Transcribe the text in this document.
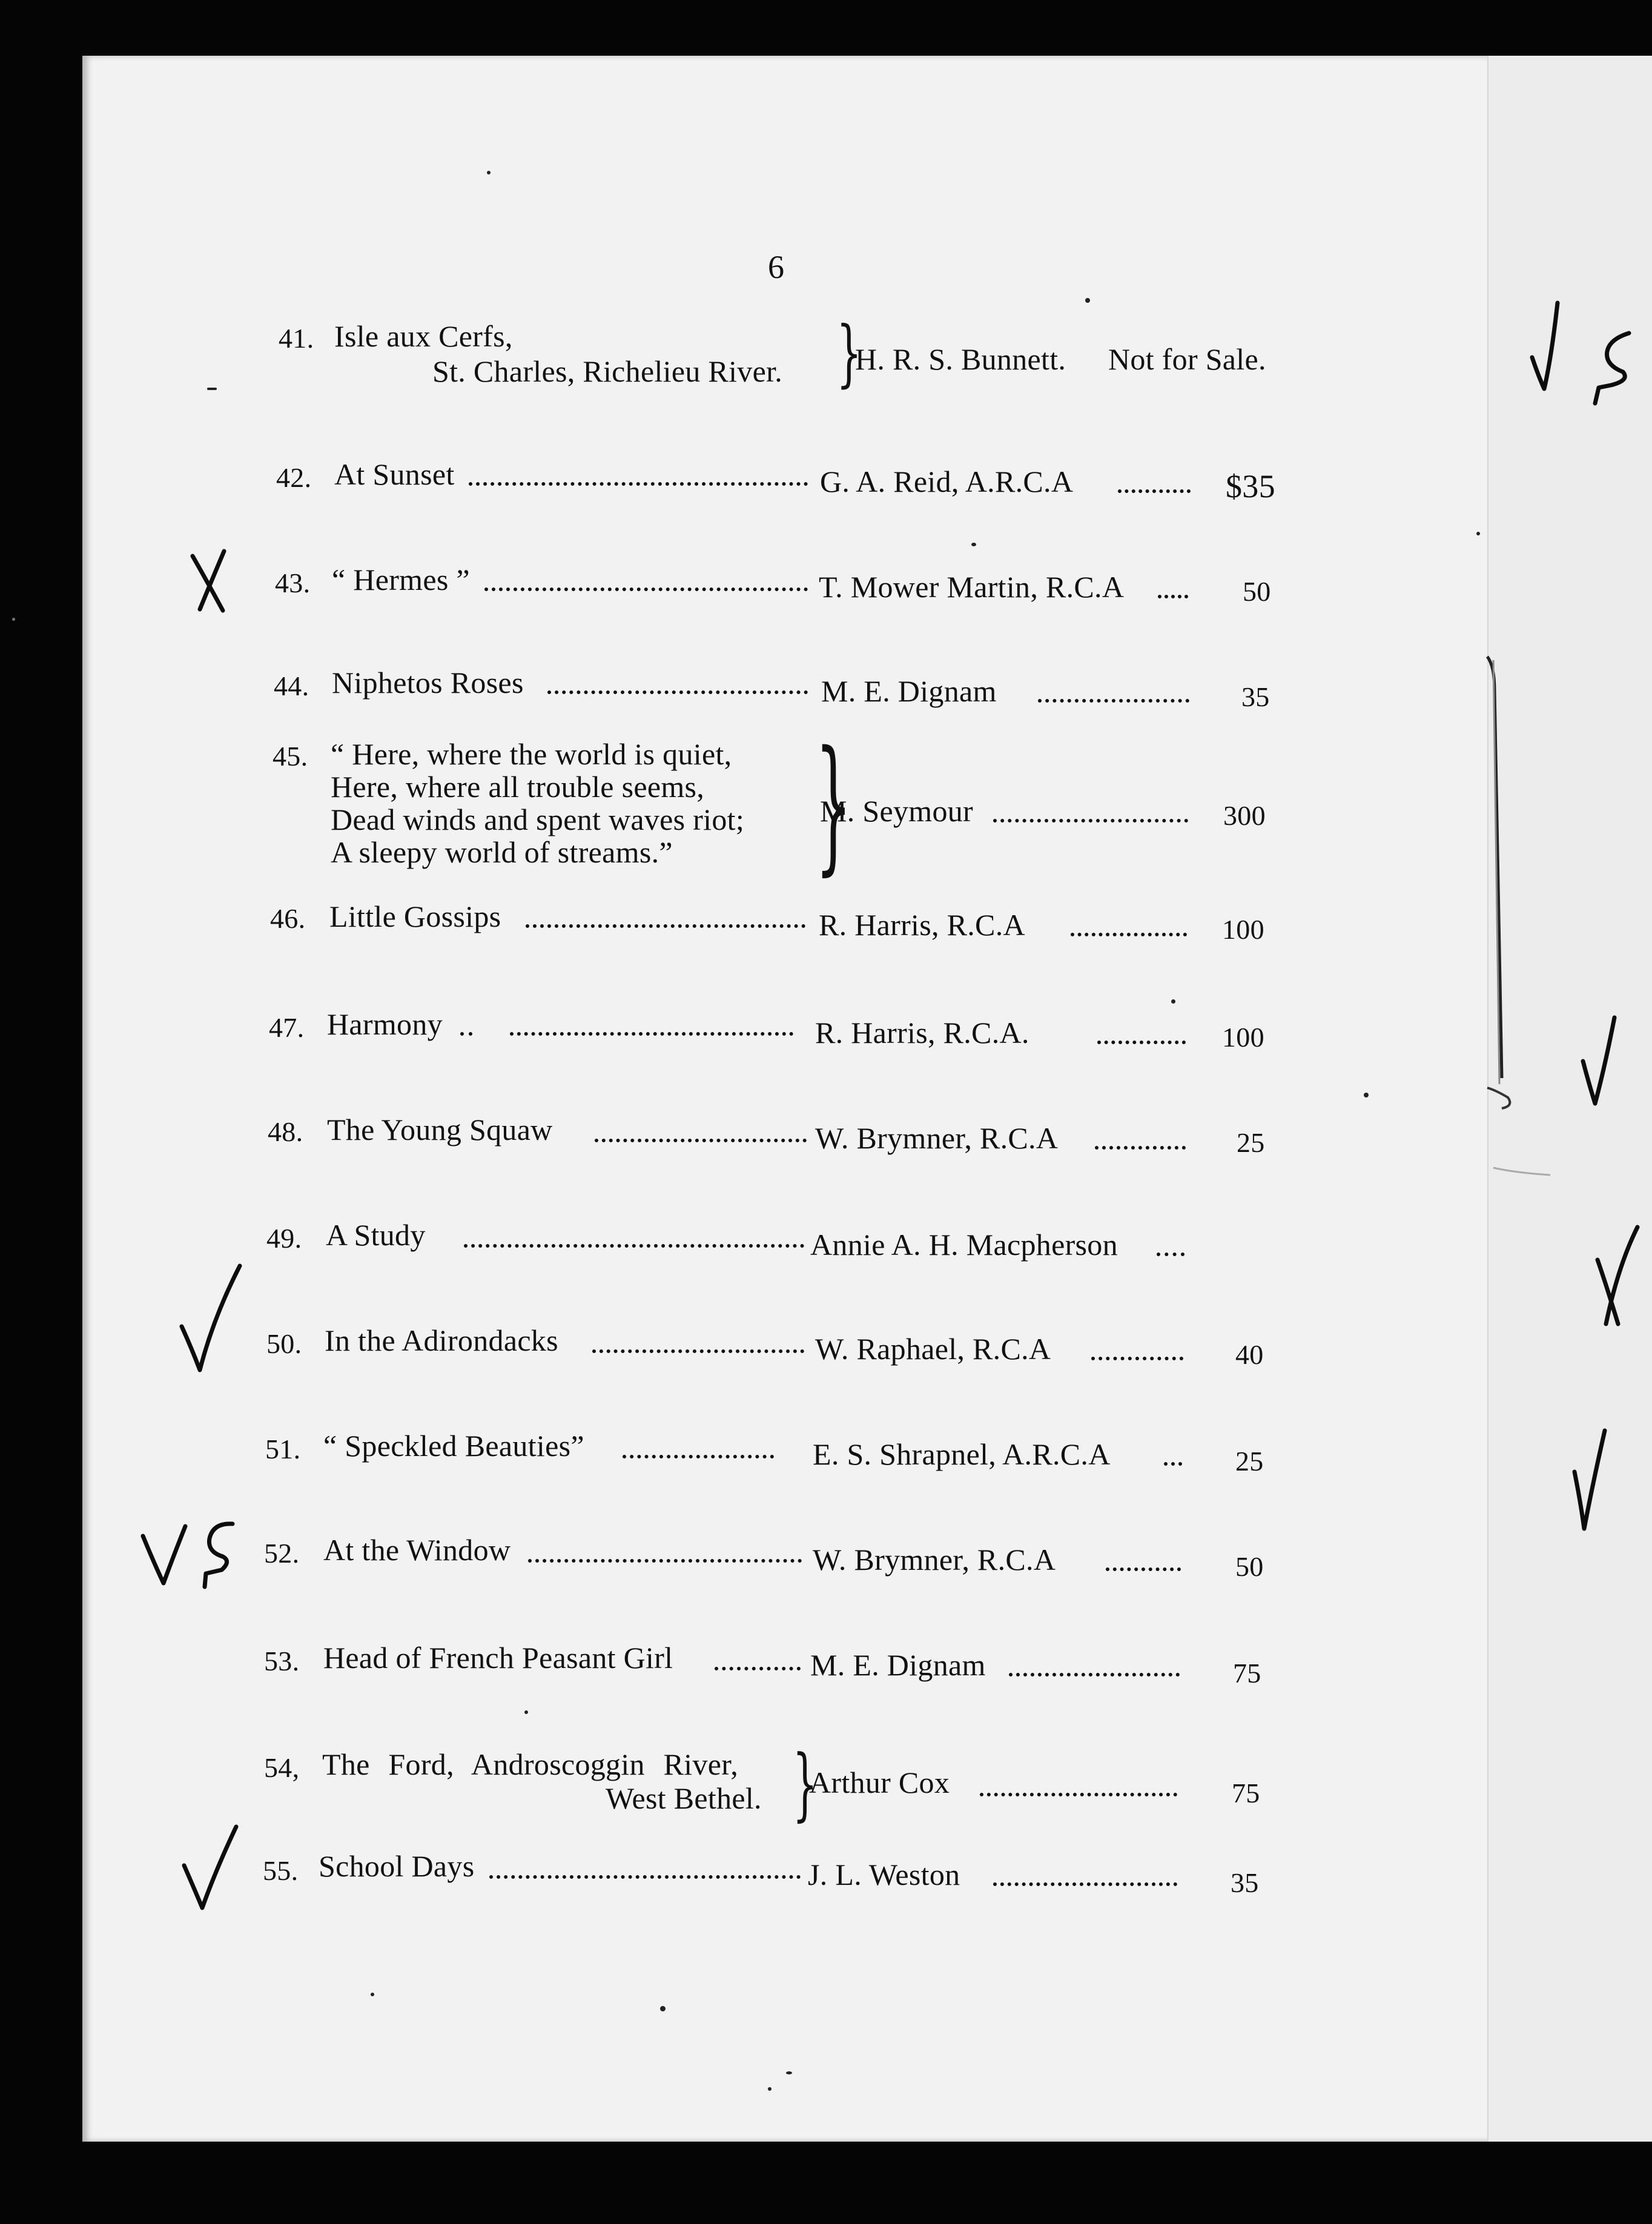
6
41. Isle aux Cerfs,
St. Charles, Richelieu River. }
H. R. S. Bunnett. Not for Sale.
42. At Sunset	G. A. Reid, A.R.C.A	$35
43. “ Hermes ”	T. Mower Martin, R.C.A	50
44. Niphetos Roses	M. E. Dignam	35
45. “ Here, where the world is quiet,
Here, where all trouble seems,
Dead winds and spent waves riot;
A sleepy world of streams.” }
M. Seymour	300
46. Little Gossips	R. Harris, R.C.A	100
47. Harmony	R. Harris, R.C.A.	100
48. The Young Squaw	W. Brymner, R.C.A	25
49. A Study	Annie A. H. Macpherson
50. In the Adirondacks	W. Raphael, R.C.A	40
51. “ Speckled Beauties”	E. S. Shrapnel, A.R.C.A	25
52. At the Window	W. Brymner, R.C.A	50
53. Head of French Peasant Girl	M. E. Dignam	75
54, The Ford, Androscoggin River,
West Bethel. }
Arthur Cox	75
55. School Days	J. L. Weston	35
